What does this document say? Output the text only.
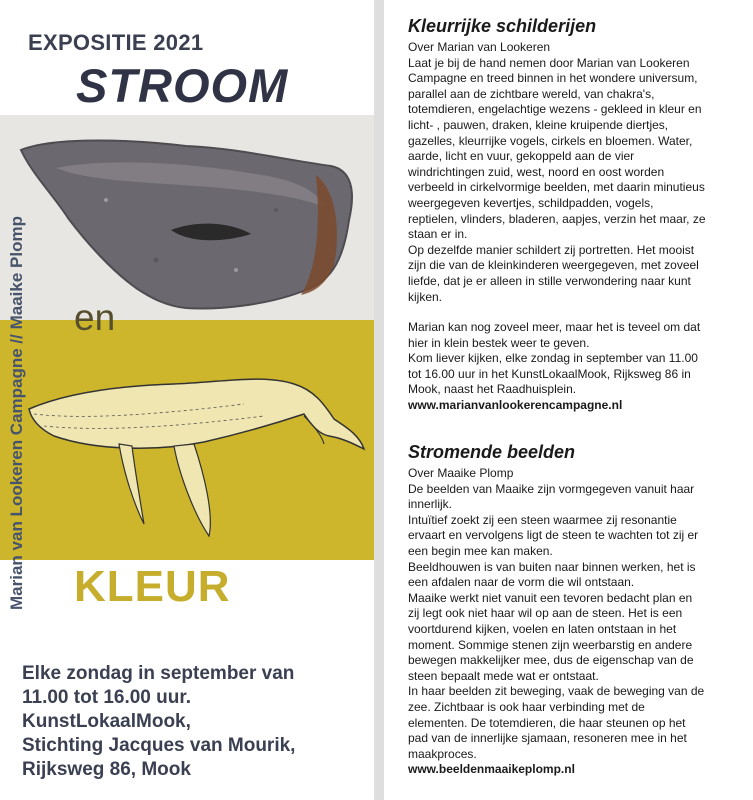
EXPOSITIE 2021
STROOM
en
KLEUR
Marian van Lookeren Campagne // Maaike Plomp
Elke zondag in september van
11.00 tot 16.00 uur.
KunstLokaalMook,
Stichting Jacques van Mourik,
Rijksweg 86, Mook
Kleurrijke schilderijen

Over Marian van Lookeren

Laat je bij de hand nemen door Marian van Lookeren

Campagne en treed binnen in het wondere universum,

parallel aan de zichtbare wereld, van chakra's,

totemdieren, engelachtige wezens - gekleed in kleur en

licht- , pauwen, draken, kleine kruipende diertjes,

gazelles, kleurrijke vogels, cirkels en bloemen. Water,

aarde, licht en vuur, gekoppeld aan de vier

windrichtingen zuid, west, noord en oost worden

verbeeld in cirkelvormige beelden, met daarin minutieus

weergegeven kevertjes, schildpadden, vogels,

reptielen, vlinders, bladeren, aapjes, verzin het maar, ze

staan er in.

Op dezelfde manier schildert zij portretten. Het mooist

zijn die van de kleinkinderen weergegeven, met zoveel

liefde, dat je er alleen in stille verwondering naar kunt

kijken.

Marian kan nog zoveel meer, maar het is teveel om dat

hier in klein bestek weer te geven.

Kom liever kijken, elke zondag in september van 11.00

tot 16.00 uur in het KunstLokaalMook, Rijksweg 86 in

Mook, naast het Raadhuisplein.

www.marianvanlookerencampagne.nl

Stromende beelden

Over Maaike Plomp

De beelden van Maaike zijn vormgegeven vanuit haar

innerlijk.

Intuïtief zoekt zij een steen waarmee zij resonantie

ervaart en vervolgens ligt de steen te wachten tot zij er

een begin mee kan maken.

Beeldhouwen is van buiten naar binnen werken, het is

een afdalen naar de vorm die wil ontstaan.

Maaike werkt niet vanuit een tevoren bedacht plan en

zij legt ook niet haar wil op aan de steen. Het is een

voortdurend kijken, voelen en laten ontstaan in het

moment. Sommige stenen zijn weerbarstig en andere

bewegen makkelijker mee, dus de eigenschap van de

steen bepaalt mede wat er ontstaat.

In haar beelden zit beweging, vaak de beweging van de

zee. Zichtbaar is ook haar verbinding met de

elementen. De totemdieren, die haar steunen op het

pad van de innerlijke sjamaan, resoneren mee in het

maakproces.

www.beeldenmaaikeplomp.nl
